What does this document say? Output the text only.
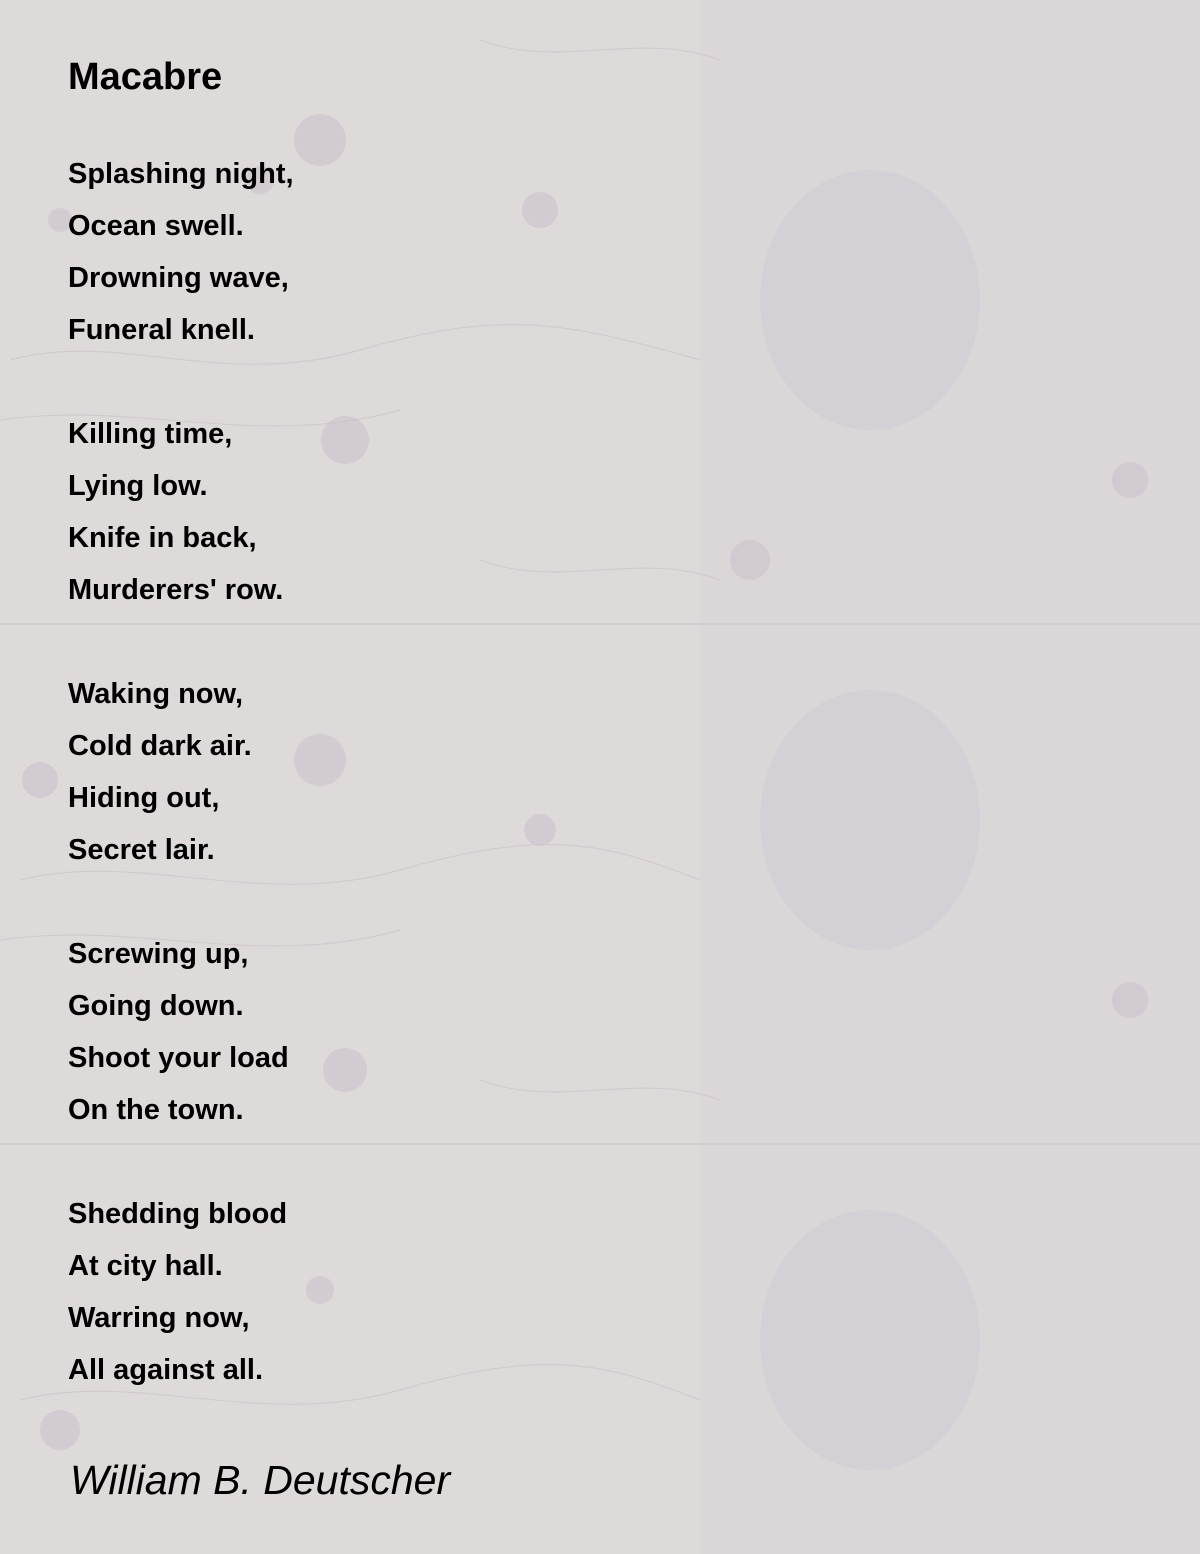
Macabre
Splashing night,
Ocean swell.
Drowning wave,
Funeral knell.
Killing time,
Lying low.
Knife in back,
Murderers' row.
Waking now,
Cold dark air.
Hiding out,
Secret lair.
Screwing up,
Going down.
Shoot your load
On the town.
Shedding blood
At city hall.
Warring now,
All against all.

William B. Deutscher
